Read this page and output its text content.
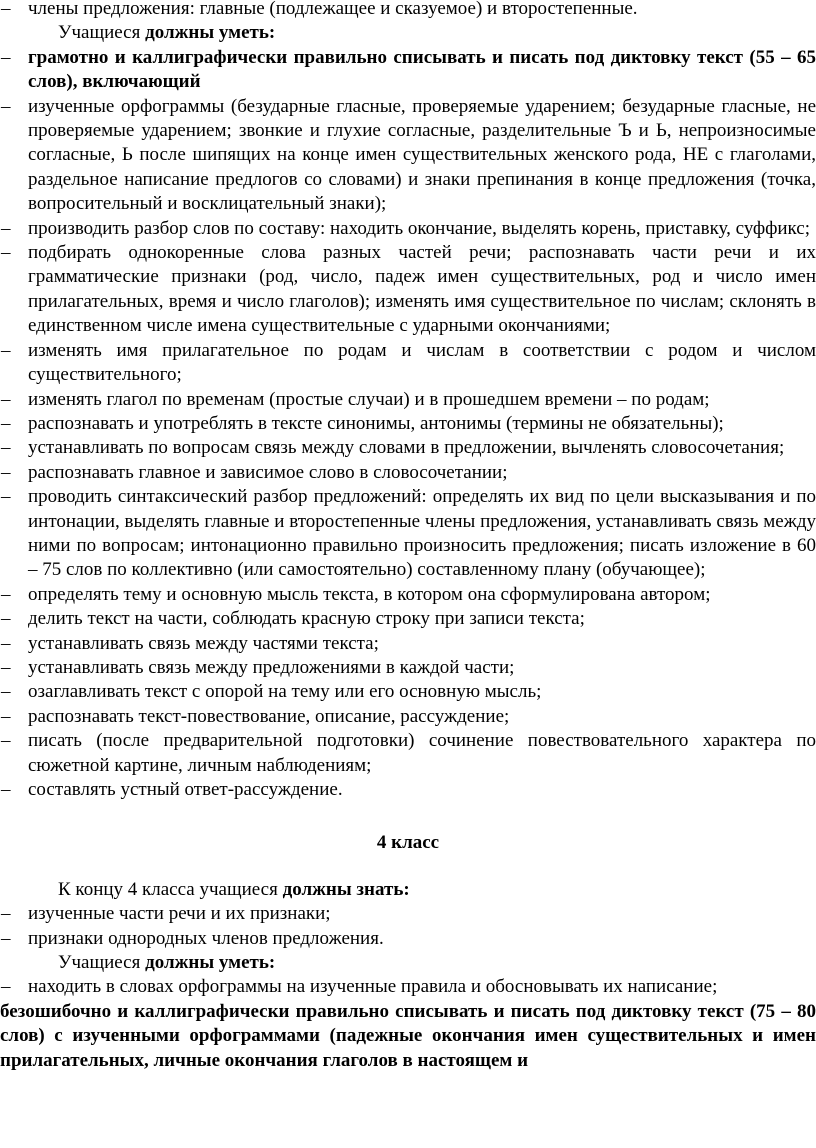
– члены предложения: главные (подлежащее и сказуемое) и второстепенные.
Учащиеся должны уметь:
– грамотно и каллиграфически правильно списывать и писать под диктовку текст (55 – 65 слов), включающий
– изученные орфограммы (безударные гласные, проверяемые ударением; безударные гласные, не проверяемые ударением; звонкие и глухие согласные, разделительные Ъ и Ь, непроизносимые согласные, Ь после шипящих на конце имен существительных женского рода, НЕ с глаголами, раздельное написание предлогов со словами) и знаки препинания в конце предложения (точка, вопросительный и восклицательный знаки);
– производить разбор слов по составу: находить окончание, выделять корень, приставку, суффикс;
– подбирать однокоренные слова разных частей речи; распознавать части речи и их грамматические признаки (род, число, падеж имен существительных, род и число имен прилагательных, время и число глаголов); изменять имя существительное по числам; склонять в единственном числе имена существительные с ударными окончаниями;
– изменять имя прилагательное по родам и числам в соответствии с родом и числом существительного;
– изменять глагол по временам (простые случаи) и в прошедшем времени – по родам;
– распознавать и употреблять в тексте синонимы, антонимы (термины не обязательны);
– устанавливать по вопросам связь между словами в предложении, вычленять словосочетания;
– распознавать главное и зависимое слово в словосочетании;
– проводить синтаксический разбор предложений: определять их вид по цели высказывания и по интонации, выделять главные и второстепенные члены предложения, устанавливать связь между ними по вопросам; интонационно правильно произносить предложения; писать изложение в 60 – 75 слов по коллективно (или самостоятельно) составленному плану (обучающее);
– определять тему и основную мысль текста, в котором она сформулирована автором;
– делить текст на части, соблюдать красную строку при записи текста;
– устанавливать связь между частями текста;
– устанавливать связь между предложениями в каждой части;
– озаглавливать текст с опорой на тему или его основную мысль;
– распознавать текст-повествование, описание, рассуждение;
– писать (после предварительной подготовки) сочинение повествовательного характера по сюжетной картине, личным наблюдениям;
– составлять устный ответ-рассуждение.
4 класс
К концу 4 класса учащиеся должны знать:
– изученные части речи и их признаки;
– признаки однородных членов предложения.
Учащиеся должны уметь:
– находить в словах орфограммы на изученные правила и обосновывать их написание;
безошибочно и каллиграфически правильно списывать и писать под диктовку текст (75 – 80 слов) с изученными орфограммами (падежные окончания имен существительных и имен прилагательных, личные окончания глаголов в настоящем и
